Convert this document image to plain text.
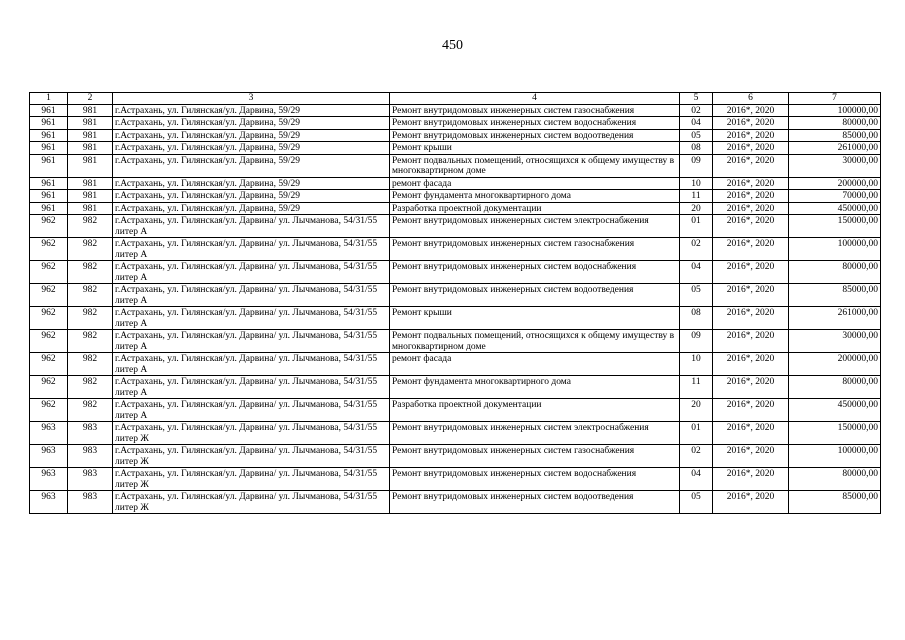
450
1	2	3	4	5	6	7
961	981	г.Астрахань, ул. Гилянская/ул. Дарвина, 59/29	Ремонт внутридомовых инженерных систем газоснабжения	02	2016*, 2020	100000,00
961	981	г.Астрахань, ул. Гилянская/ул. Дарвина, 59/29	Ремонт внутридомовых инженерных систем водоснабжения	04	2016*, 2020	80000,00
961	981	г.Астрахань, ул. Гилянская/ул. Дарвина, 59/29	Ремонт внутридомовых инженерных систем водоотведения	05	2016*, 2020	85000,00
961	981	г.Астрахань, ул. Гилянская/ул. Дарвина, 59/29	Ремонт крыши	08	2016*, 2020	261000,00
961	981	г.Астрахань, ул. Гилянская/ул. Дарвина, 59/29	Ремонт подвальных помещений, относящихся к общему имуществу в многоквартирном доме	09	2016*, 2020	30000,00
961	981	г.Астрахань, ул. Гилянская/ул. Дарвина, 59/29	ремонт фасада	10	2016*, 2020	200000,00
961	981	г.Астрахань, ул. Гилянская/ул. Дарвина, 59/29	Ремонт фундамента многоквартирного дома	11	2016*, 2020	70000,00
961	981	г.Астрахань, ул. Гилянская/ул. Дарвина, 59/29	Разработка проектной документации	20	2016*, 2020	450000,00
962	982	г.Астрахань, ул. Гилянская/ул. Дарвина/ ул. Лычманова, 54/31/55 литер А	Ремонт внутридомовых инженерных систем электроснабжения	01	2016*, 2020	150000,00
962	982	г.Астрахань, ул. Гилянская/ул. Дарвина/ ул. Лычманова, 54/31/55 литер А	Ремонт внутридомовых инженерных систем газоснабжения	02	2016*, 2020	100000,00
962	982	г.Астрахань, ул. Гилянская/ул. Дарвина/ ул. Лычманова, 54/31/55 литер А	Ремонт внутридомовых инженерных систем водоснабжения	04	2016*, 2020	80000,00
962	982	г.Астрахань, ул. Гилянская/ул. Дарвина/ ул. Лычманова, 54/31/55 литер А	Ремонт внутридомовых инженерных систем водоотведения	05	2016*, 2020	85000,00
962	982	г.Астрахань, ул. Гилянская/ул. Дарвина/ ул. Лычманова, 54/31/55 литер А	Ремонт крыши	08	2016*, 2020	261000,00
962	982	г.Астрахань, ул. Гилянская/ул. Дарвина/ ул. Лычманова, 54/31/55 литер А	Ремонт подвальных помещений, относящихся к общему имуществу в многоквартирном доме	09	2016*, 2020	30000,00
962	982	г.Астрахань, ул. Гилянская/ул. Дарвина/ ул. Лычманова, 54/31/55 литер А	ремонт фасада	10	2016*, 2020	200000,00
962	982	г.Астрахань, ул. Гилянская/ул. Дарвина/ ул. Лычманова, 54/31/55 литер А	Ремонт фундамента многоквартирного дома	11	2016*, 2020	80000,00
962	982	г.Астрахань, ул. Гилянская/ул. Дарвина/ ул. Лычманова, 54/31/55 литер А	Разработка проектной документации	20	2016*, 2020	450000,00
963	983	г.Астрахань, ул. Гилянская/ул. Дарвина/ ул. Лычманова, 54/31/55 литер Ж	Ремонт внутридомовых инженерных систем электроснабжения	01	2016*, 2020	150000,00
963	983	г.Астрахань, ул. Гилянская/ул. Дарвина/ ул. Лычманова, 54/31/55 литер Ж	Ремонт внутридомовых инженерных систем газоснабжения	02	2016*, 2020	100000,00
963	983	г.Астрахань, ул. Гилянская/ул. Дарвина/ ул. Лычманова, 54/31/55 литер Ж	Ремонт внутридомовых инженерных систем водоснабжения	04	2016*, 2020	80000,00
963	983	г.Астрахань, ул. Гилянская/ул. Дарвина/ ул. Лычманова, 54/31/55 литер Ж	Ремонт внутридомовых инженерных систем водоотведения	05	2016*, 2020	85000,00
